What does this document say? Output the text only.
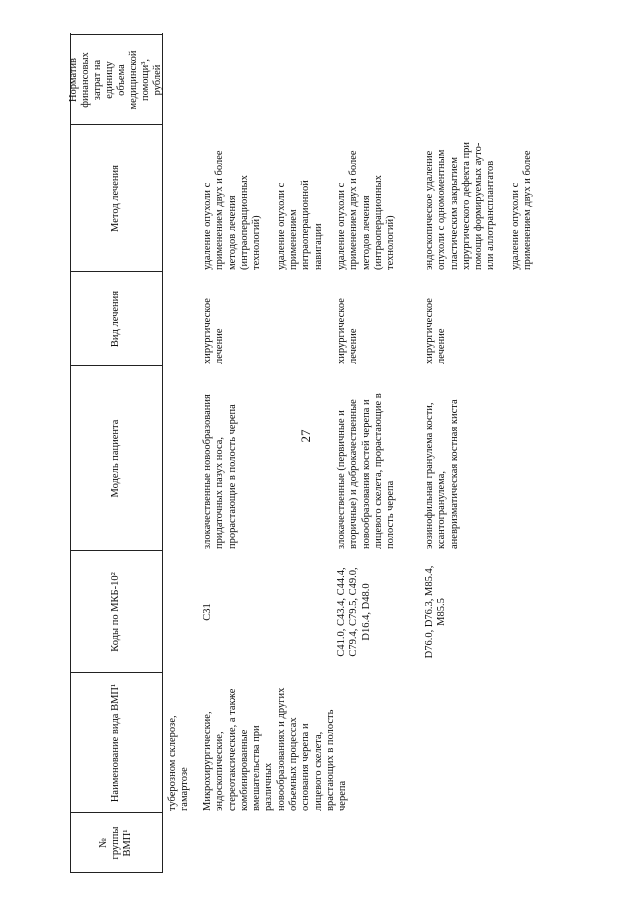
27
№
группы
ВМП¹
Наименование вида ВМП¹
Коды по МКБ-10²
Модель пациента
Вид лечения
Метод лечения
Норматив
финансовых
затрат на
единицу
объема
медицинской
помощи³,
рублей
туберозном склерозе,
гамартозе Микрохирургические,
эндоскопические,
стереотаксические, а также
комбинированные
вмешательства при
различных
новообразованиях и других
объемных процессах
основания черепа и
лицевого скелета,
врастающих в полость
черепа
C31
злокачественные новообразования
придаточных пазух носа,
прорастающие в полость черепа
хирургическое
лечение
удаление опухоли с
применением двух и более
методов лечения
(интраоперационных
технологий)

удаление опухоли с
применением
интраоперационной
навигации
C41.0, C43.4, C44.4,
C79.4, C79.5, C49.0,
D16.4, D48.0
злокачественные (первичные и
вторичные) и доброкачественные
новообразования костей черепа и
лицевого скелета, прорастающие в
полость черепа
хирургическое
лечение
удаление опухоли с
применением двух и более
методов лечения
(интраоперационных
технологий)
D76.0, D76.3, M85.4,
M85.5
эозинофильная гранулема кости,
ксантогранулема,
аневризматическая костная киста
хирургическое
лечение
эндоскопическое удаление
опухоли с одномоментным
пластическим закрытием
хирургического дефекта при
помощи формируемых ауто-
или аллотрансплантатов

удаление опухоли с
применением двух и более
